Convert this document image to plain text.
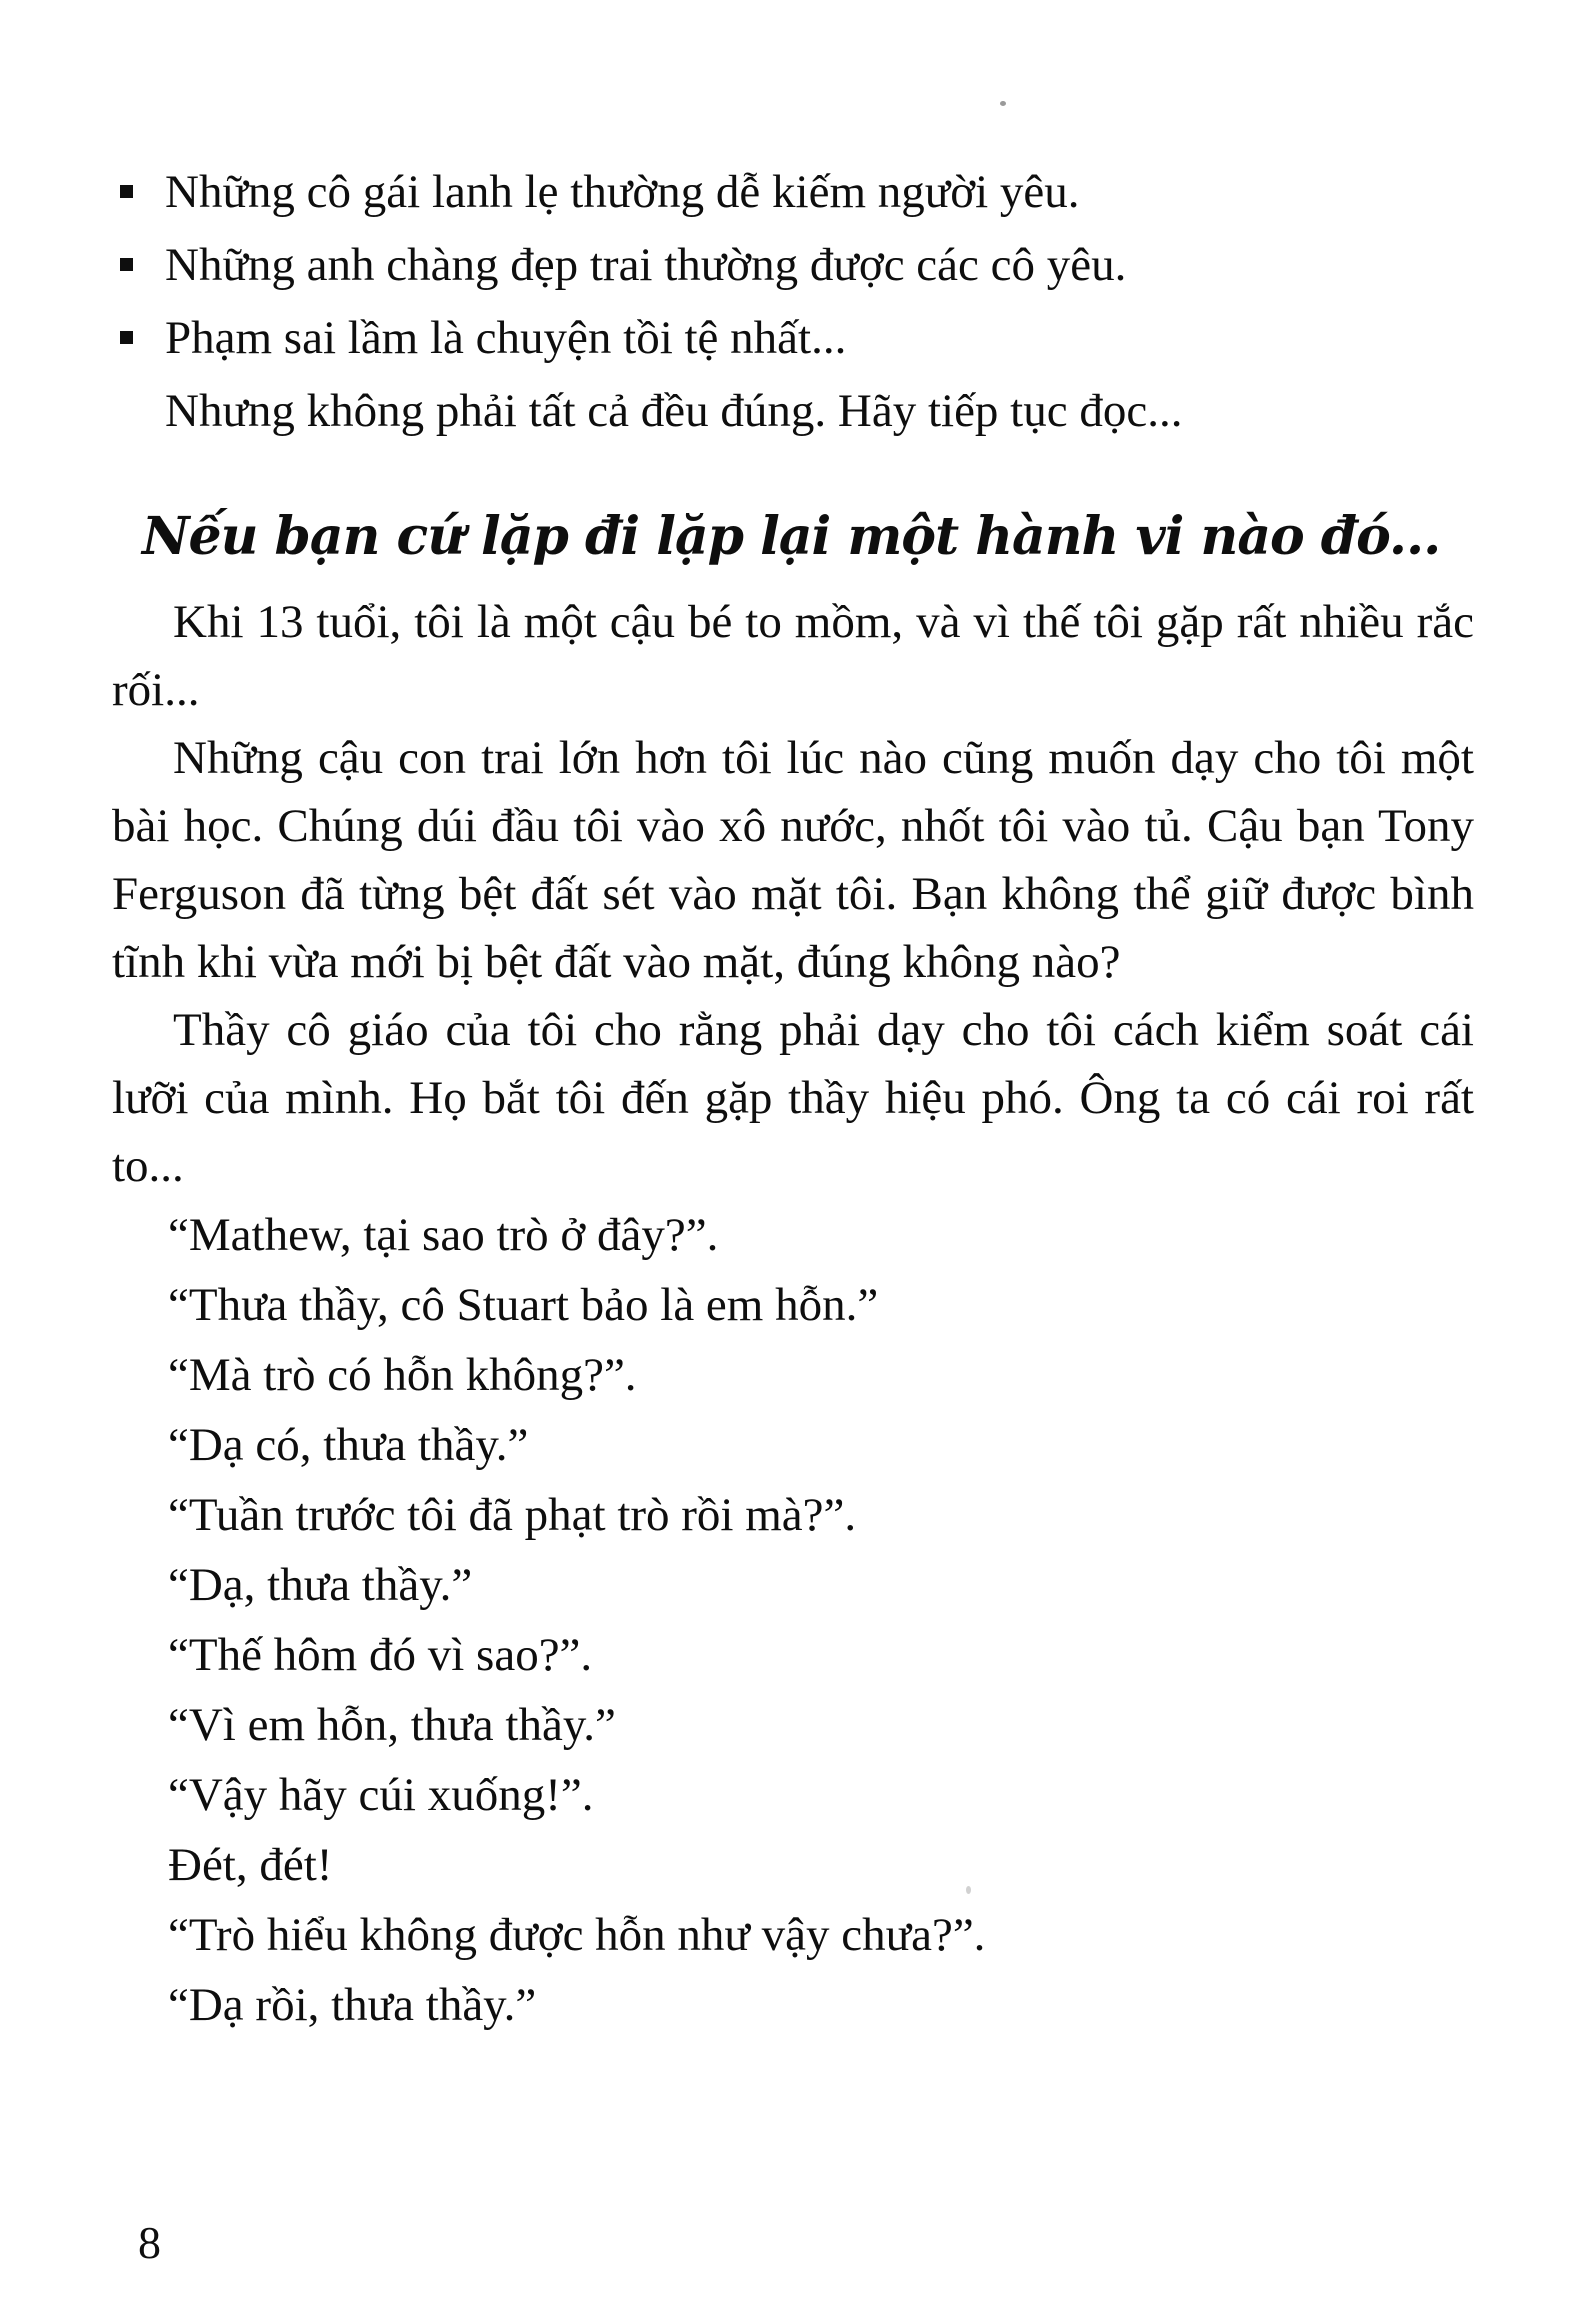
Những cô gái lanh lẹ thường dễ kiếm người yêu.
Những anh chàng đẹp trai thường được các cô yêu.
Phạm sai lầm là chuyện tồi tệ nhất...

Nhưng không phải tất cả đều đúng. Hãy tiếp tục đọc...

Nếu bạn cứ lặp đi lặp lại một hành vi nào đó...

Khi 13 tuổi, tôi là một cậu bé to mồm, và vì thế tôi gặp rất nhiều rắc rối...

Những cậu con trai lớn hơn tôi lúc nào cũng muốn dạy cho tôi một bài học. Chúng dúi đầu tôi vào xô nước, nhốt tôi vào tủ. Cậu bạn Tony Ferguson đã từng bệt đất sét vào mặt tôi. Bạn không thể giữ được bình tĩnh khi vừa mới bị bệt đất vào mặt, đúng không nào?

Thầy cô giáo của tôi cho rằng phải dạy cho tôi cách kiểm soát cái lưỡi của mình. Họ bắt tôi đến gặp thầy hiệu phó. Ông ta có cái roi rất to...

“Mathew, tại sao trò ở đây?”.

“Thưa thầy, cô Stuart bảo là em hỗn.”

“Mà trò có hỗn không?”.

“Dạ có, thưa thầy.”

“Tuần trước tôi đã phạt trò rồi mà?”.

“Dạ, thưa thầy.”

“Thế hôm đó vì sao?”.

“Vì em hỗn, thưa thầy.”

“Vậy hãy cúi xuống!”.

Đét, đét!

“Trò hiểu không được hỗn như vậy chưa?”.

“Dạ rồi, thưa thầy.”

8
